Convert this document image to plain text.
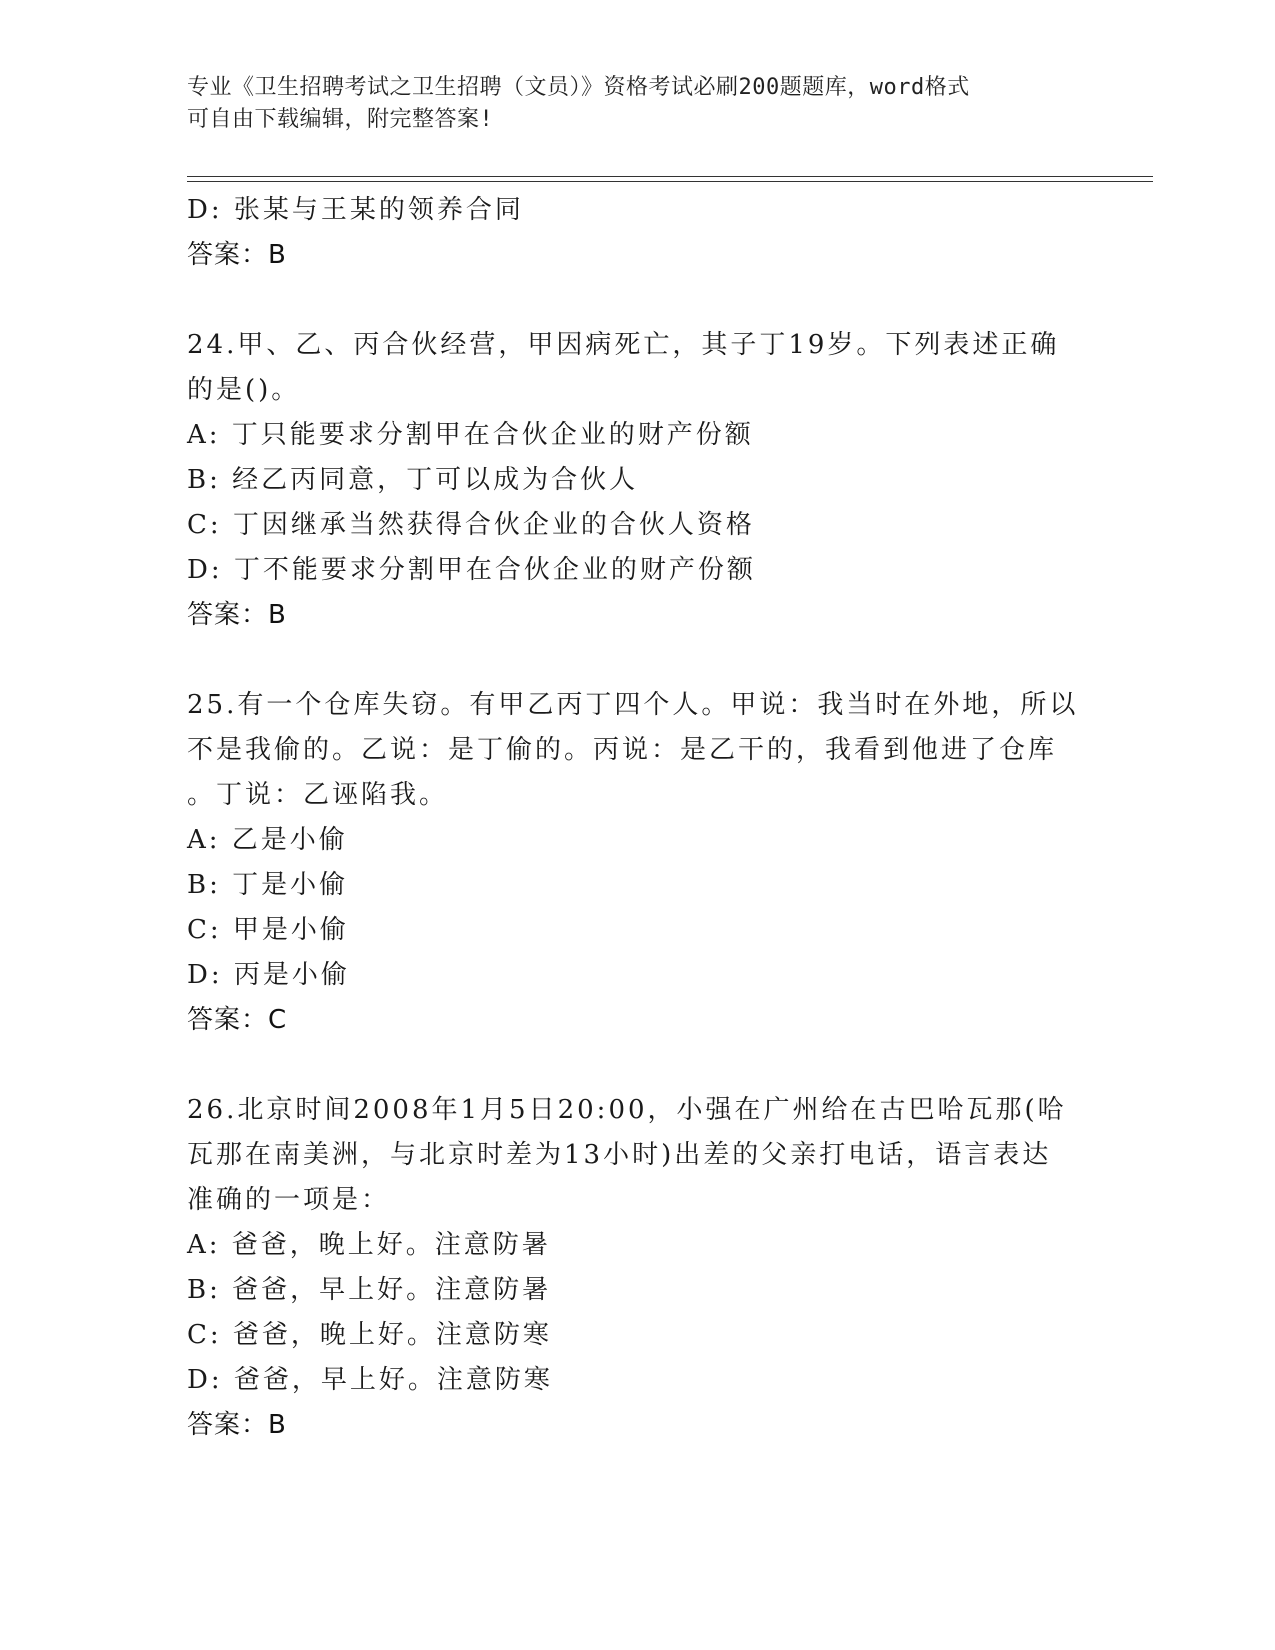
专业《卫生招聘考试之卫生招聘（文员）》资格考试必刷200题题库，word格式
可自由下载编辑，附完整答案!
D: 张某与王某的领养合同
答案：B
24.甲、乙、丙合伙经营，甲因病死亡，其子丁19岁。下列表述正确
的是()。
A: 丁只能要求分割甲在合伙企业的财产份额
B: 经乙丙同意，丁可以成为合伙人
C: 丁因继承当然获得合伙企业的合伙人资格
D: 丁不能要求分割甲在合伙企业的财产份额
答案：B
25.有一个仓库失窃。有甲乙丙丁四个人。甲说：我当时在外地，所以
不是我偷的。乙说：是丁偷的。丙说：是乙干的，我看到他进了仓库
。丁说：乙诬陷我。
A: 乙是小偷
B: 丁是小偷
C: 甲是小偷
D: 丙是小偷
答案：C
26.北京时间2008年1月5日20:00，小强在广州给在古巴哈瓦那(哈
瓦那在南美洲，与北京时差为13小时)出差的父亲打电话，语言表达
准确的一项是：
A: 爸爸，晚上好。注意防暑
B: 爸爸，早上好。注意防暑
C: 爸爸，晚上好。注意防寒
D: 爸爸，早上好。注意防寒
答案：B
